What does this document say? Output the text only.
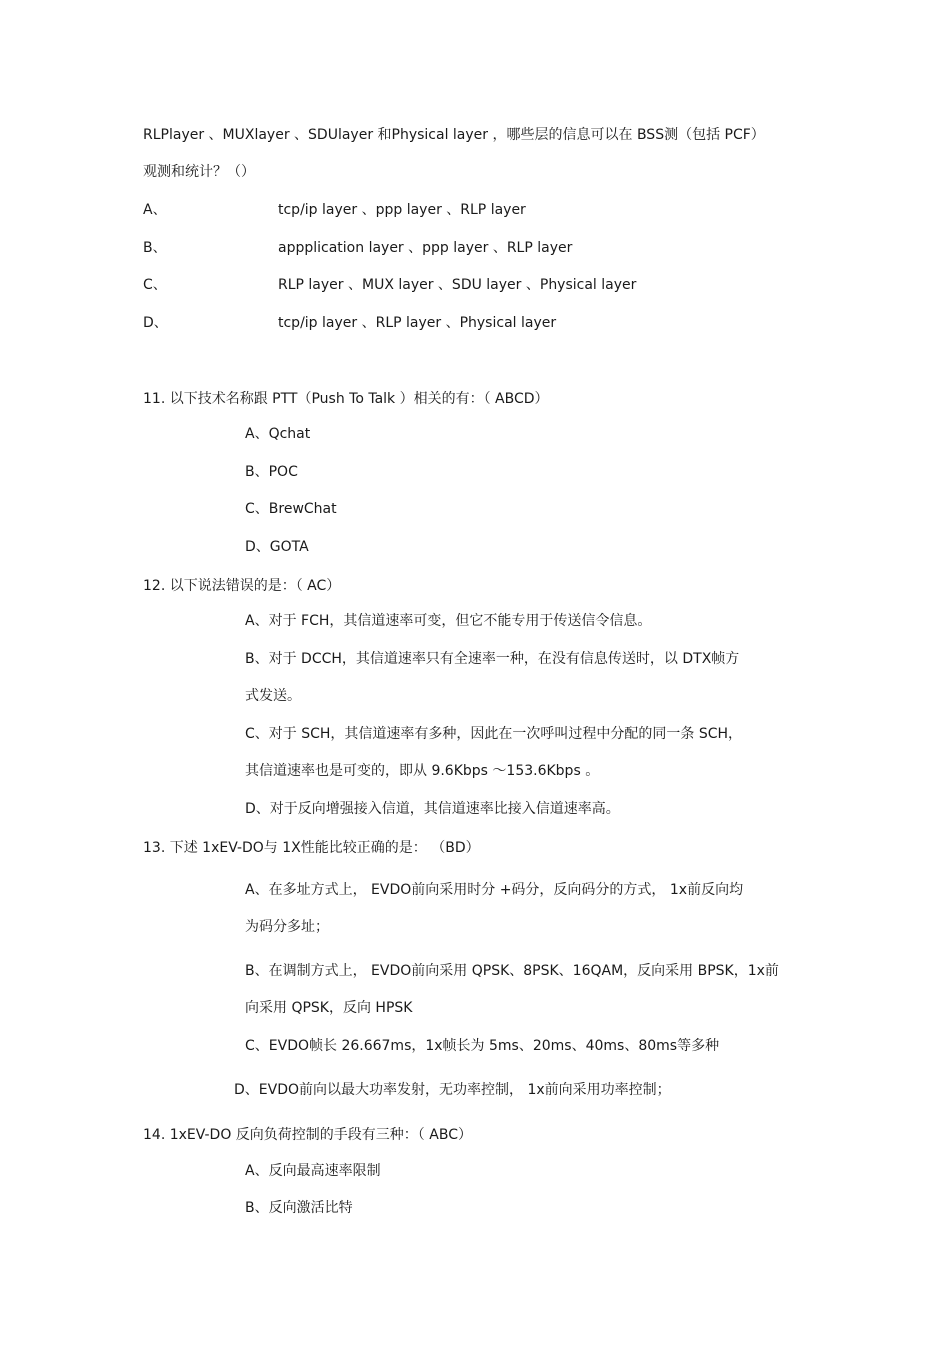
RLPlayer 、MUXlayer 、SDUlayer 和Physical layer ，哪些层的信息可以在 BSS测（包括 PCF）
观测和统计？（）
A、	tcp/ip layer 、ppp layer 、RLP layer
B、	appplication layer 、ppp layer 、RLP layer
C、	RLP layer 、MUX layer 、SDU layer 、Physical layer
D、	tcp/ip layer 、RLP layer 、Physical layer
11. 以下技术名称跟 PTT（Push To Talk ）相关的有：（ ABCD）
A、Qchat
B、POC
C、BrewChat
D、GOTA
12. 以下说法错误的是：（ AC）
A、对于 FCH，其信道速率可变，但它不能专用于传送信令信息。
B、对于 DCCH，其信道速率只有全速率一种，在没有信息传送时，以 DTX帧方
式发送。
C、对于 SCH，其信道速率有多种，因此在一次呼叫过程中分配的同一条 SCH，
其信道速率也是可变的，即从 9.6Kbps ～153.6Kbps 。
D、对于反向增强接入信道，其信道速率比接入信道速率高。
13. 下述 1xEV-DO与 1X性能比较正确的是： （BD）
A、在多址方式上， EVDO前向采用时分 +码分，反向码分的方式， 1x前反向均
为码分多址；
B、在调制方式上， EVDO前向采用 QPSK、8PSK、16QAM，反向采用 BPSK，1x前
向采用 QPSK，反向 HPSK
C、EVDO帧长 26.667ms，1x帧长为 5ms、20ms、40ms、80ms等多种
D、EVDO前向以最大功率发射，无功率控制， 1x前向采用功率控制；
14. 1xEV-DO 反向负荷控制的手段有三种：（ ABC）
A、反向最高速率限制
B、反向激活比特
